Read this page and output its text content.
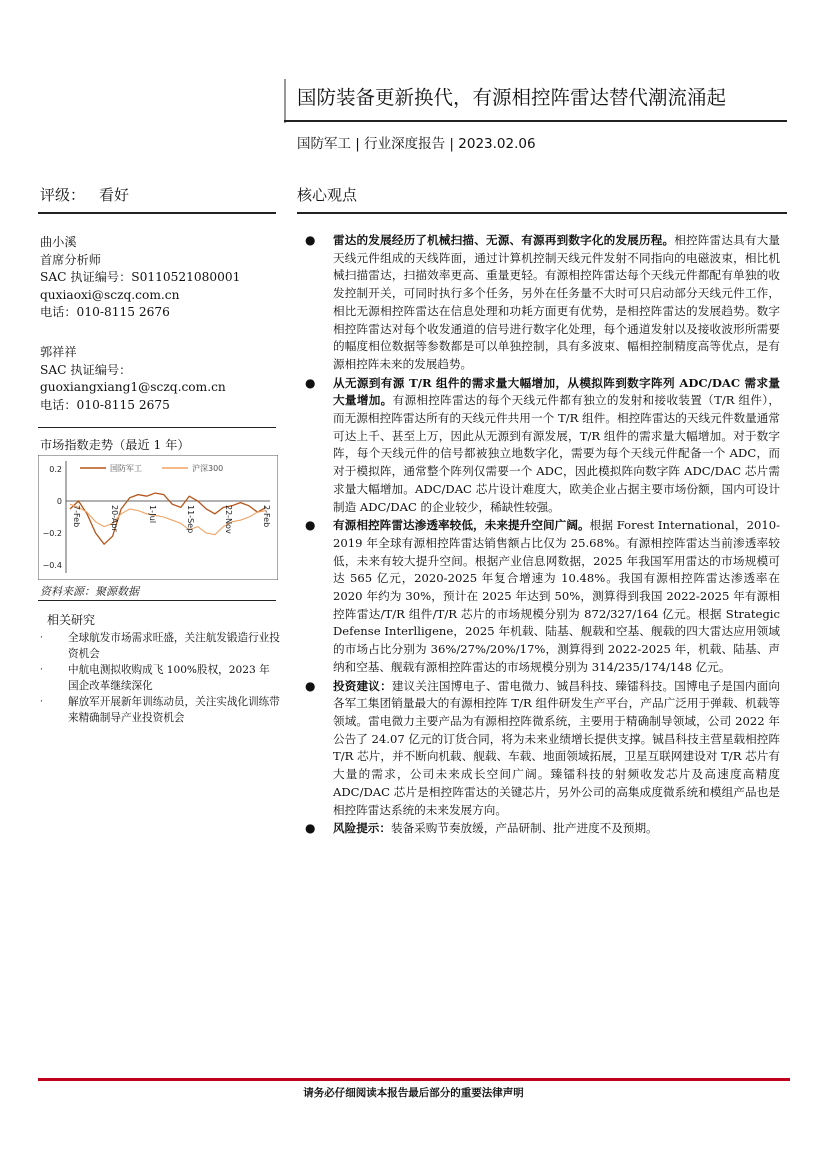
国防装备更新换代，有源相控阵雷达替代潮流涌起
国防军工 | 行业深度报告 | 2023.02.06
评级： 看好	核心观点
曲小溪
首席分析师
SAC 执证编号：S0110521080001
quxiaoxi@sczq.com.cn
电话：010-8115 2676
郭祥祥
SAC 执证编号：
guoxiangxiang1@sczq.com.cn
电话：010-8115 2675
市场指数走势（最近 1 年）
0.2
0
−0.2
−0.4
国防军工	沪深300
7-Feb	20-Apr	1-Jul	11-Sep	22-Nov	2-Feb
资料来源：聚源数据
相关研究
·	全球航发市场需求旺盛，关注航发锻造行业投资机会
·	中航电测拟收购成飞 100%股权，2023 年国企改革继续深化
·	解放军开展新年训练动员，关注实战化训练带来精确制导产业投资机会
● 雷达的发展经历了机械扫描、无源、有源再到数字化的发展历程。相控阵雷达具有大量天线元件组成的天线阵面，通过计算机控制天线元件发射不同指向的电磁波束，相比机械扫描雷达，扫描效率更高、重量更轻。有源相控阵雷达每个天线元件都配有单独的收发控制开关，可同时执行多个任务，另外在任务量不大时可只启动部分天线元件工作，相比无源相控阵雷达在信息处理和功耗方面更有优势，是相控阵雷达的发展趋势。数字相控阵雷达对每个收发通道的信号进行数字化处理，每个通道发射以及接收波形所需要的幅度相位数据等参数都是可以单独控制，具有多波束、幅相控制精度高等优点，是有源相控阵未来的发展趋势。
● 从无源到有源 T/R 组件的需求量大幅增加，从模拟阵到数字阵列 ADC/DAC 需求量大量增加。有源相控阵雷达的每个天线元件都有独立的发射和接收装置（T/R 组件），而无源相控阵雷达所有的天线元件共用一个 T/R 组件。相控阵雷达的天线元件数量通常可达上千、甚至上万，因此从无源到有源发展，T/R 组件的需求量大幅增加。对于数字阵，每个天线元件的信号都被独立地数字化，需要为每个天线元件配备一个 ADC，而对于模拟阵，通常整个阵列仅需要一个 ADC，因此模拟阵向数字阵 ADC/DAC 芯片需求量大幅增加。ADC/DAC 芯片设计难度大，欧美企业占据主要市场份额，国内可设计制造 ADC/DAC 的企业较少，稀缺性较强。
● 有源相控阵雷达渗透率较低，未来提升空间广阔。根据 Forest International，2010-2019 年全球有源相控阵雷达销售额占比仅为 25.68%。有源相控阵雷达当前渗透率较低，未来有较大提升空间。根据产业信息网数据，2025 年我国军用雷达的市场规模可达 565 亿元，2020-2025 年复合增速为 10.48%。我国有源相控阵雷达渗透率在 2020 年约为 30%，预计在 2025 年达到 50%，测算得到我国 2022-2025 年有源相控阵雷达/T/R 组件/T/R 芯片的市场规模分别为 872/327/164 亿元。根据 Strategic Defense Interlligene，2025 年机载、陆基、舰载和空基、舰载的四大雷达应用领域的市场占比分别为 36%/27%/20%/17%，测算得到 2022-2025 年，机载、陆基、声纳和空基、舰载有源相控阵雷达的市场规模分别为 314/235/174/148 亿元。
● 投资建议：建议关注国博电子、雷电微力、铖昌科技、臻镭科技。国博电子是国内面向各军工集团销量最大的有源相控阵 T/R 组件研发生产平台，产品广泛用于弹载、机载等领域。雷电微力主要产品为有源相控阵微系统，主要用于精确制导领域，公司 2022 年公告了 24.07 亿元的订货合同，将为未来业绩增长提供支撑。铖昌科技主营星载相控阵 T/R 芯片，并不断向机载、舰载、车载、地面领域拓展，卫星互联网建设对 T/R 芯片有大量的需求，公司未来成长空间广阔。臻镭科技的射频收发芯片及高速度高精度 ADC/DAC 芯片是相控阵雷达的关键芯片，另外公司的高集成度微系统和模组产品也是相控阵雷达系统的未来发展方向。
● 风险提示：装备采购节奏放缓，产品研制、批产进度不及预期。
请务必仔细阅读本报告最后部分的重要法律声明
